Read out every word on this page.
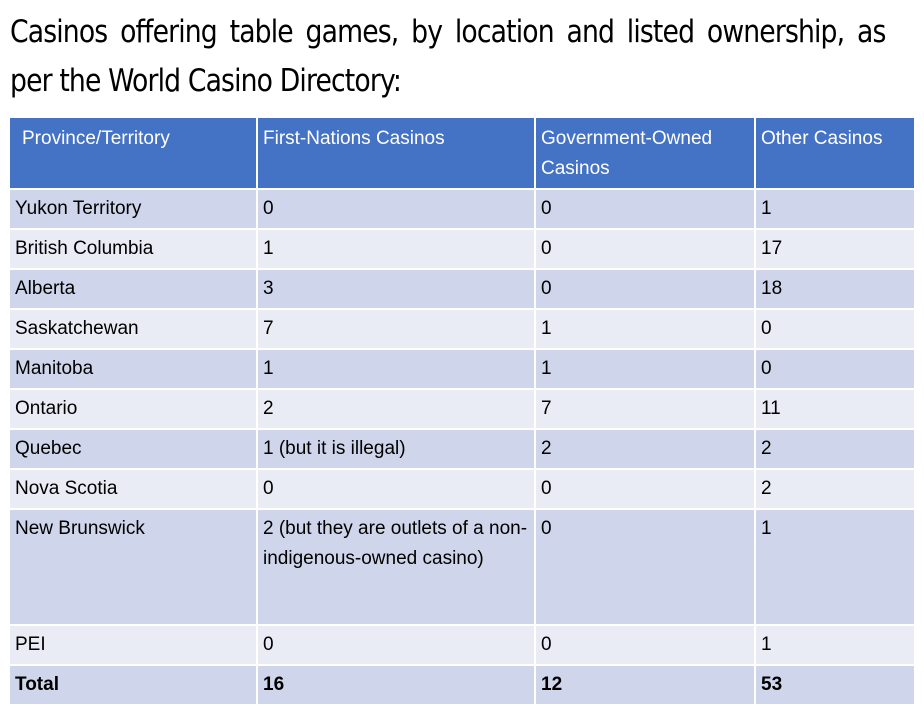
Casinos offering table games, by location and listed ownership, as per the World Casino Directory:
Province/Territory	First-Nations Casinos	Government-Owned Casinos	Other Casinos
Yukon Territory	0	0	1
British Columbia	1	0	17
Alberta	3	0	18
Saskatchewan	7	1	0
Manitoba	1	1	0
Ontario	2	7	11
Quebec	1 (but it is illegal)	2	2
Nova Scotia	0	0	2
New Brunswick	2 (but they are outlets of a non-indigenous-owned casino)	0	1
PEI	0	0	1
Total	16	12	53
